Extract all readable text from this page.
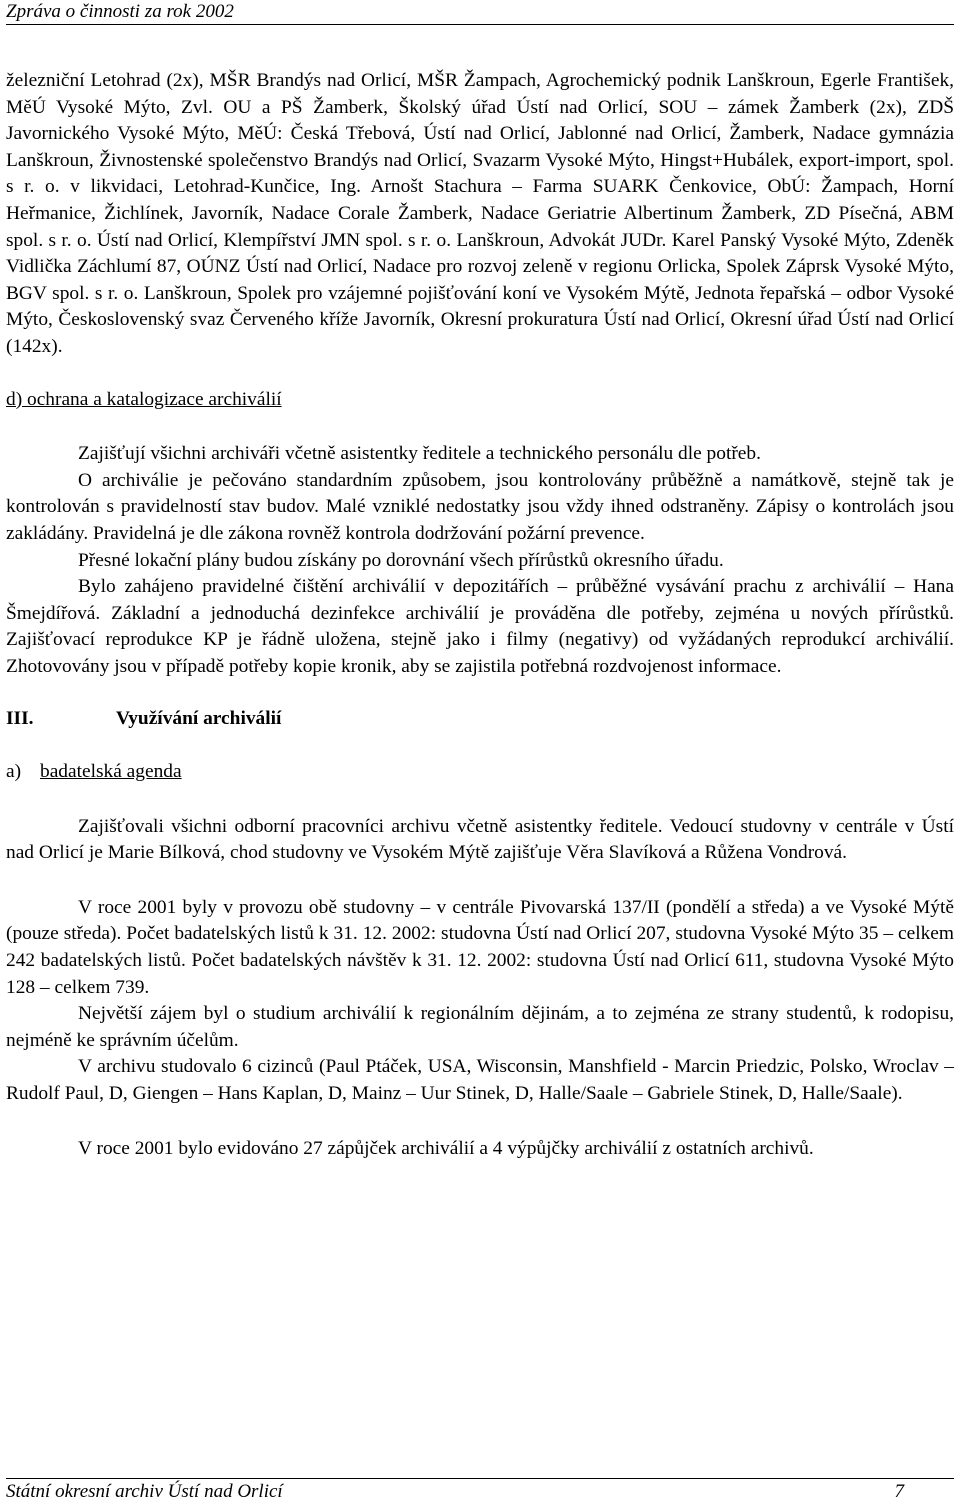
Zpráva o činnosti za rok 2002

železniční Letohrad (2x), MŠR Brandýs nad Orlicí, MŠR Žampach, Agrochemický podnik Lanškroun, Egerle František, MěÚ Vysoké Mýto, Zvl. OU a PŠ Žamberk, Školský úřad Ústí nad Orlicí, SOU – zámek Žamberk (2x), ZDŠ Javornického Vysoké Mýto, MěÚ: Česká Třebová, Ústí nad Orlicí, Jablonné nad Orlicí, Žamberk, Nadace gymnázia Lanškroun, Živnostenské společenstvo Brandýs nad Orlicí, Svazarm Vysoké Mýto, Hingst+Hubálek, export-import, spol. s r. o. v likvidaci, Letohrad-Kunčice, Ing. Arnošt Stachura – Farma SUARK Čenkovice, ObÚ: Žampach, Horní Heřmanice, Žichlínek, Javorník, Nadace Corale Žamberk, Nadace Geriatrie Albertinum Žamberk, ZD Písečná, ABM spol. s r. o. Ústí nad Orlicí, Klempířství JMN spol. s r. o. Lanškroun, Advokát JUDr. Karel Panský Vysoké Mýto, Zdeněk Vidlička Záchlumí 87, OÚNZ Ústí nad Orlicí, Nadace pro rozvoj zeleně v regionu Orlicka, Spolek Záprsk Vysoké Mýto, BGV spol. s r. o. Lanškroun, Spolek pro vzájemné pojišťování koní ve Vysokém Mýtě, Jednota řepařská – odbor Vysoké Mýto, Československý svaz Červeného kříže Javorník, Okresní prokuratura Ústí nad Orlicí, Okresní úřad Ústí nad Orlicí (142x).

d) ochrana a katalogizace archiválií

Zajišťují všichni archiváři včetně asistentky ředitele a technického personálu dle potřeb.

O archiválie je pečováno standardním způsobem, jsou kontrolovány průběžně a namátkově, stejně tak je kontrolován s pravidelností stav budov. Malé vzniklé nedostatky jsou vždy ihned odstraněny. Zápisy o kontrolách jsou zakládány. Pravidelná je dle zákona rovněž kontrola dodržování požární prevence.

Přesné lokační plány budou získány po dorovnání všech přírůstků okresního úřadu.

Bylo zahájeno pravidelné čištění archiválií v depozitářích – průběžné vysávání prachu z archiválií – Hana Šmejdířová. Základní a jednoduchá dezinfekce archiválií je prováděna dle potřeby, zejména u nových přírůstků. Zajišťovací reprodukce KP je řádně uložena, stejně jako i filmy (negativy) od vyžádaných reprodukcí archiválií. Zhotovovány jsou v případě potřeby kopie kronik, aby se zajistila potřebná rozdvojenost informace.

III.	Využívání archiválií

a) badatelská agenda

Zajišťovali všichni odborní pracovníci archivu včetně asistentky ředitele. Vedoucí studovny v centrále v Ústí nad Orlicí je Marie Bílková, chod studovny ve Vysokém Mýtě zajišťuje Věra Slavíková a Růžena Vondrová.

V roce 2001 byly v provozu obě studovny – v centrále Pivovarská 137/II (pondělí a středa) a ve Vysoké Mýtě (pouze středa). Počet badatelských listů k 31. 12. 2002: studovna Ústí nad Orlicí 207, studovna Vysoké Mýto 35 – celkem 242 badatelských listů. Počet badatelských návštěv k 31. 12. 2002: studovna Ústí nad Orlicí 611, studovna Vysoké Mýto 128 – celkem 739.

Největší zájem byl o studium archiválií k regionálním dějinám, a to zejména ze strany studentů, k rodopisu, nejméně ke správním účelům.

V archivu studovalo 6 cizinců (Paul Ptáček, USA, Wisconsin, Manshfield - Marcin Priedzic, Polsko, Wroclav – Rudolf Paul, D, Giengen – Hans Kaplan, D, Mainz – Uur Stinek, D, Halle/Saale – Gabriele Stinek, D, Halle/Saale).

V roce 2001 bylo evidováno 27 zápůjček archiválií a 4 výpůjčky archiválií z ostatních archivů.

Státní okresní archiv Ústí nad Orlicí	7
